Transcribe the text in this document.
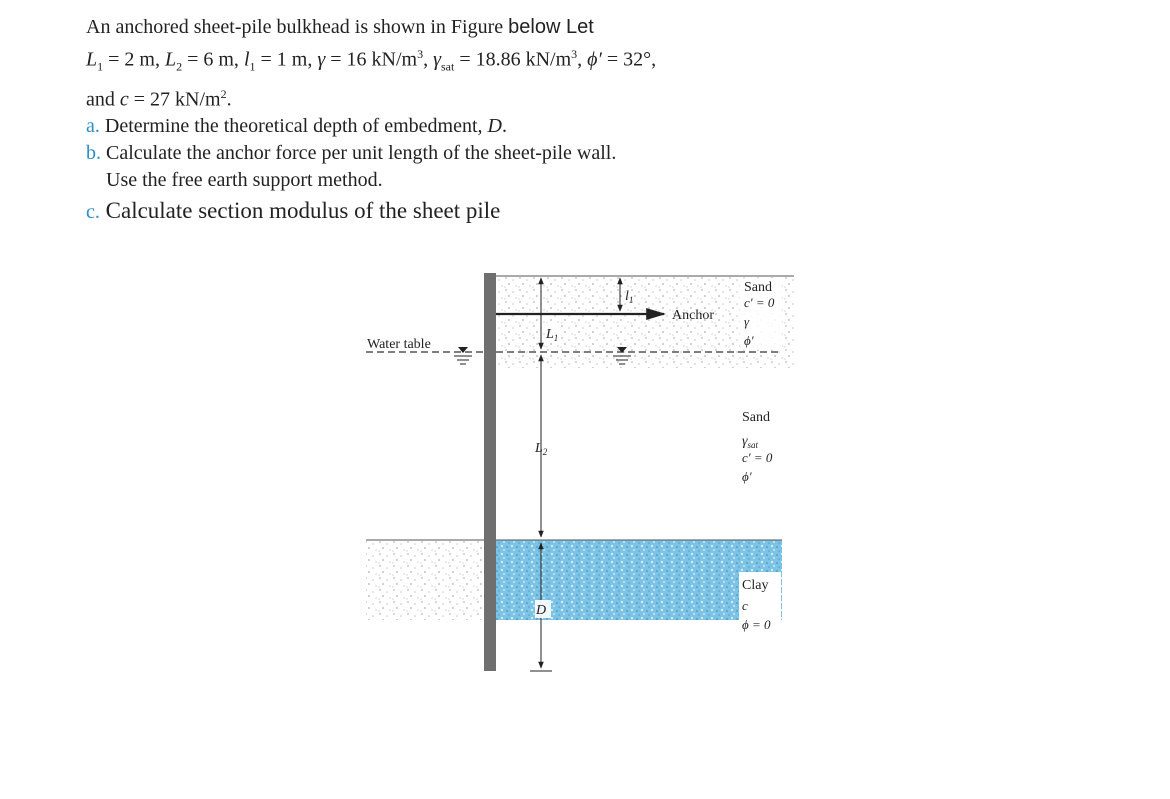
An anchored sheet-pile bulkhead is shown in Figure below Let

$L_1 = 2$ m, $L_2 = 6$ m, $l_1 = 1$ m, γ = 16 $kN/m^3$, $\gamma_{sat} = 18.86$ $kN/m^3$, ϕ′ = 32°,

and c = 27 $kN/m^2$.

a. Determine the theoretical depth of embedment, D.

b. Calculate the anchor force per unit length of the sheet-pile wall.

Use the free earth support method.

c. Calculate section modulus of the sheet pile

Water table
Anchor
$L_1$
$l_1$
$L_2$
D
Sand
c′ = 0
γ
ϕ′
Sand
$\gamma_{sat}$
c′ = 0
ϕ′
Clay
c
ϕ = 0
